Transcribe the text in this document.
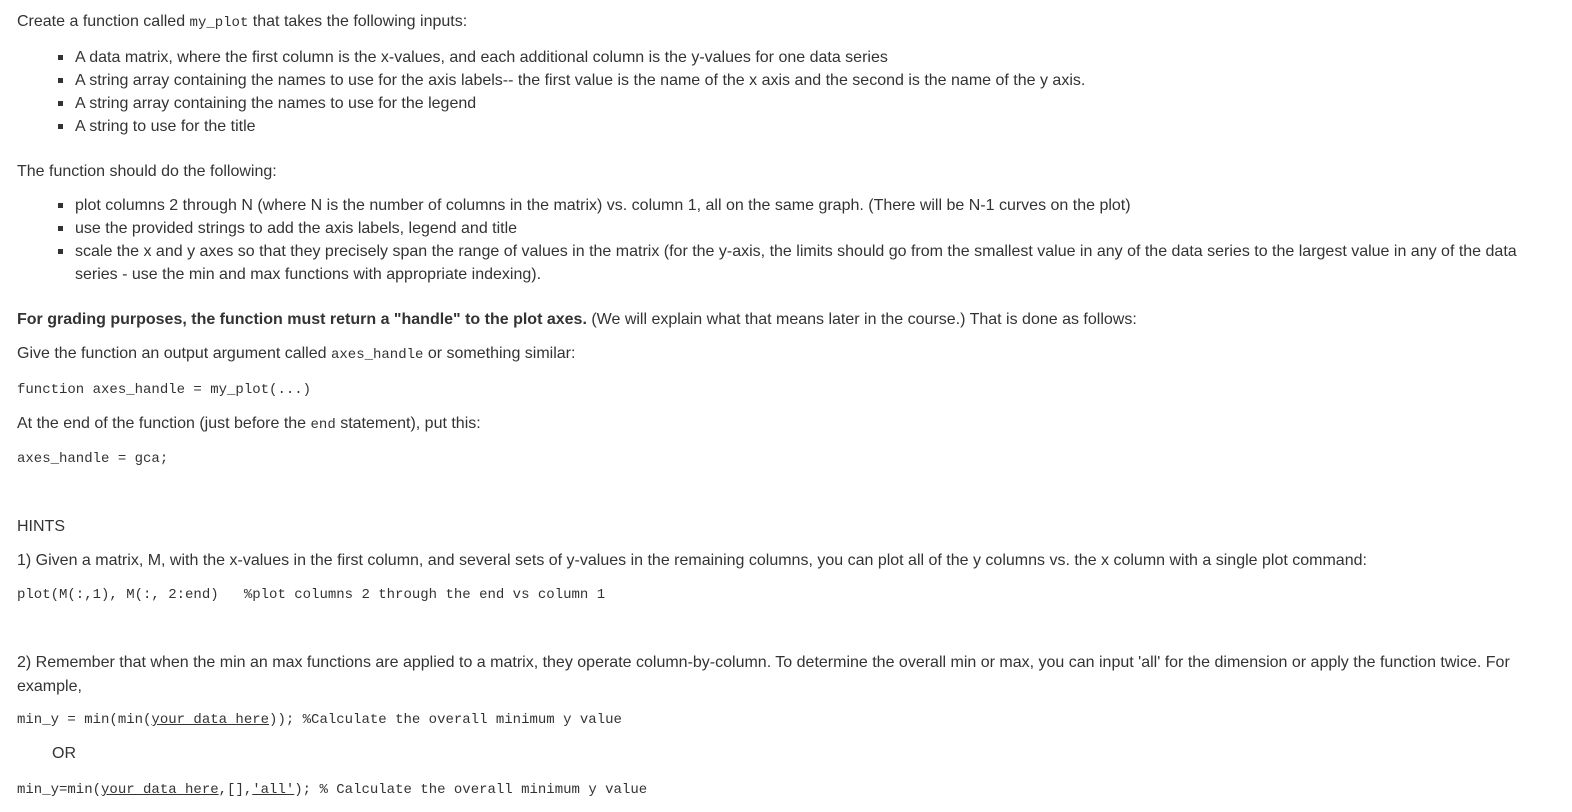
Create a function called my_plot that takes the following inputs:

A data matrix, where the first column is the x-values, and each additional column is the y-values for one data series
A string array containing the names to use for the axis labels-- the first value is the name of the x axis and the second is the name of the y axis.
A string array containing the names to use for the legend
A string to use for the title

The function should do the following:

plot columns 2 through N (where N is the number of columns in the matrix) vs. column 1, all on the same graph. (There will be N-1 curves on the plot)
use the provided strings to add the axis labels, legend and title
scale the x and y axes so that they precisely span the range of values in the matrix (for the y-axis, the limits should go from the smallest value in any of the data series to the largest value in any of the data series - use the min and max functions with appropriate indexing).

For grading purposes, the function must return a "handle" to the plot axes. (We will explain what that means later in the course.) That is done as follows:

Give the function an output argument called axes_handle or something similar:

function axes_handle = my_plot(...)

At the end of the function (just before the end statement), put this:

axes_handle = gca;

HINTS

1) Given a matrix, M, with the x-values in the first column, and several sets of y-values in the remaining columns, you can plot all of the y columns vs. the x column with a single plot command:

plot(M(:,1), M(:, 2:end)   %plot columns 2 through the end vs column 1

2) Remember that when the min an max functions are applied to a matrix, they operate column-by-column. To determine the overall min or max, you can input 'all' for the dimension or apply the function twice. For example,

min_y = min(min(your data here)); %Calculate the overall minimum y value

OR

min_y=min(your data here,[],'all'); % Calculate the overall minimum y value
